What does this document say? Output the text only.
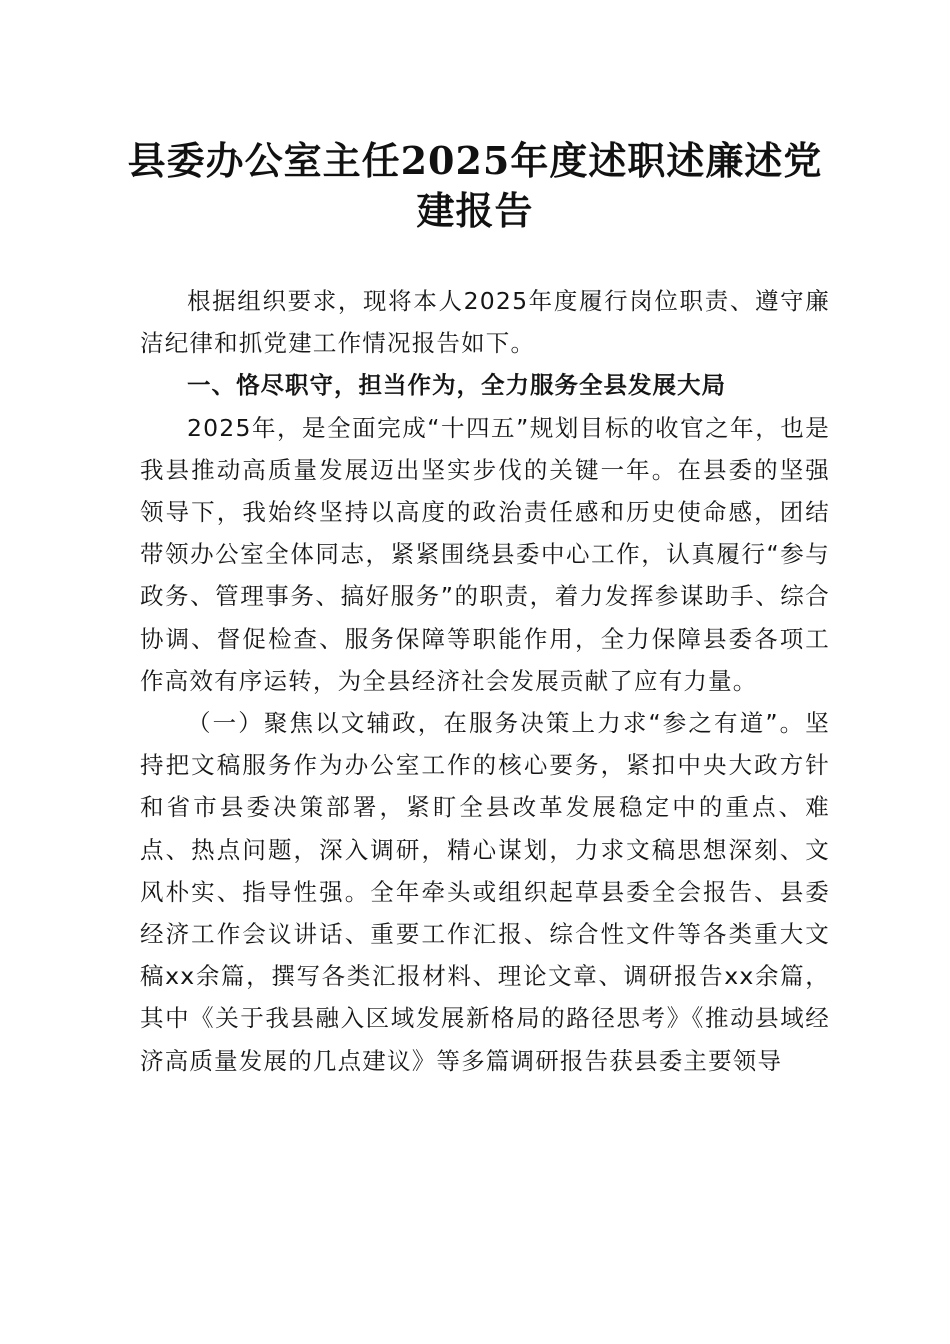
县委办公室主任2025年度述职述廉述党建报告

根据组织要求，现将本人2025年度履行岗位职责、遵守廉洁纪律和抓党建工作情况报告如下。

一、恪尽职守，担当作为，全力服务全县发展大局

2025年，是全面完成“十四五”规划目标的收官之年，也是我县推动高质量发展迈出坚实步伐的关键一年。在县委的坚强领导下，我始终坚持以高度的政治责任感和历史使命感，团结带领办公室全体同志，紧紧围绕县委中心工作，认真履行“参与政务、管理事务、搞好服务”的职责，着力发挥参谋助手、综合协调、督促检查、服务保障等职能作用，全力保障县委各项工作高效有序运转，为全县经济社会发展贡献了应有力量。

（一）聚焦以文辅政，在服务决策上力求“参之有道”。坚持把文稿服务作为办公室工作的核心要务，紧扣中央大政方针和省市县委决策部署，紧盯全县改革发展稳定中的重点、难点、热点问题，深入调研，精心谋划，力求文稿思想深刻、文风朴实、指导性强。全年牵头或组织起草县委全会报告、县委经济工作会议讲话、重要工作汇报、综合性文件等各类重大文稿xx余篇，撰写各类汇报材料、理论文章、调研报告xx余篇，其中《关于我县融入区域发展新格局的路径思考》《推动县域经济高质量发展的几点建议》等多篇调研报告获县委主要领导
